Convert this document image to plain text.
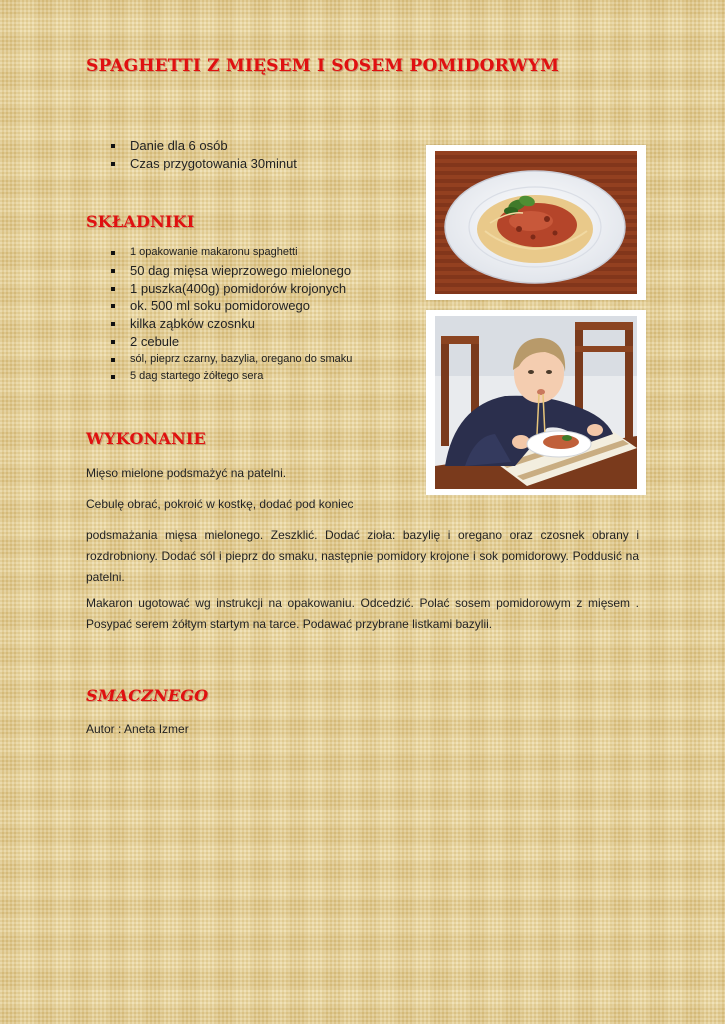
SPAGHETTI Z MIĘSEM I SOSEM POMIDORWYM
Danie dla 6 osób
Czas przygotowania 30minut
SKŁADNIKI
1 opakowanie makaronu spaghetti
50 dag mięsa wieprzowego mielonego
1 puszka(400g) pomidorów krojonych
ok. 500 ml soku pomidorowego
kilka ząbków czosnku
2 cebule
sól, pieprz czarny, bazylia, oregano do smaku
5 dag startego żółtego sera
WYKONANIE

Mięso mielone podsmażyć na patelni.

Cebulę obrać, pokroić w kostkę, dodać pod koniec

podsmażania mięsa mielonego. Zeszklić. Dodać zioła: bazylię i oregano oraz czosnek obrany i rozdrobniony. Dodać sól i pieprz do smaku, następnie pomidory krojone i sok pomidorowy. Poddusić na patelni.

Makaron ugotować wg instrukcji na opakowaniu. Odcedzić. Polać sosem pomidorowym z mięsem . Posypać serem żółtym startym na tarce. Podawać przybrane listkami bazylii.

SMACZNEGO

Autor : Aneta Izmer
